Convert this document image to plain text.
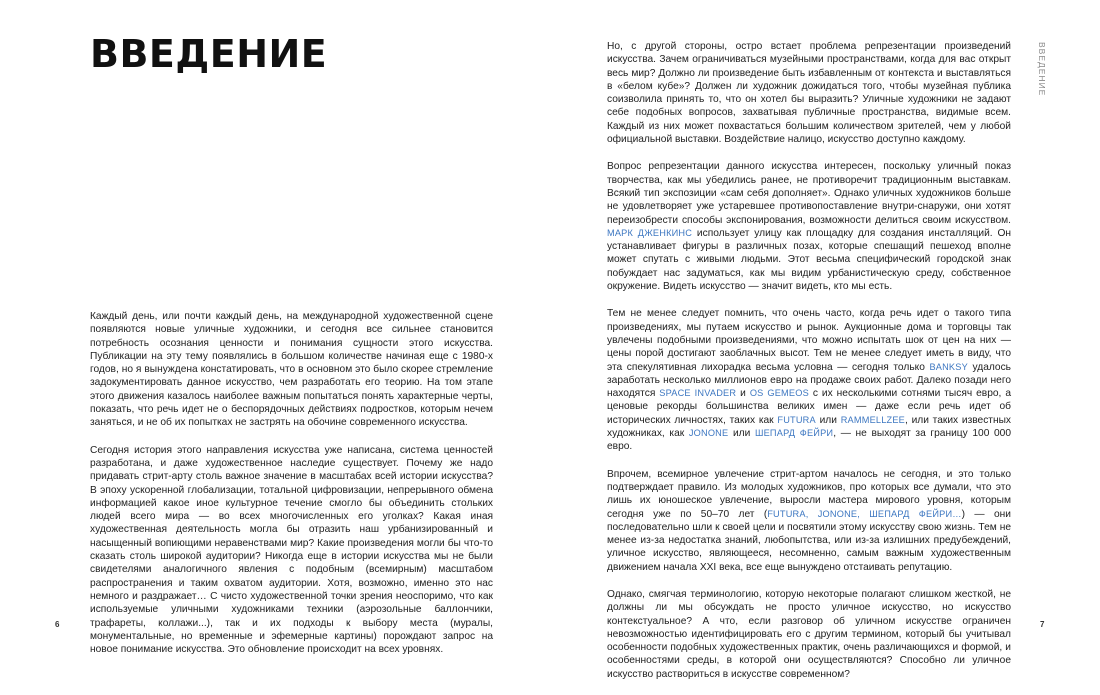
ВВЕДЕНИЕ

Каждый день, или почти каждый день, на международной художественной сцене появляются новые уличные художники, и сегодня все сильнее становится потребность осознания ценности и понимания сущности этого искусства. Публикации на эту тему появлялись в большом количестве начиная еще с 1980-х годов, но я вынуждена констатировать, что в основном это было скорее стремление задокументировать данное искусство, чем разработать его теорию. На том этапе этого движения казалось наиболее важным попытаться понять характерные черты, показать, что речь идет не о беспорядочных действиях подростков, которым нечем заняться, и не об их попытках не застрять на обочине современного искусства.

Сегодня история этого направления искусства уже написана, система ценностей разработана, и даже художественное наследие существует. Почему же надо придавать стрит-арту столь важное значение в масштабах всей истории искусства? В эпоху ускоренной глобализации, тотальной цифровизации, непрерывного обмена информацией какое иное культурное течение смогло бы объединить стольких людей всего мира — во всех многочисленных его уголках? Какая иная художественная деятельность могла бы отразить наш урбанизированный и насыщенный вопиющими неравенствами мир? Какие произведения могли бы что-то сказать столь широкой аудитории? Никогда еще в истории искусства мы не были свидетелями аналогичного явления с подобным (всемирным) масштабом распространения и таким охватом аудитории. Хотя, возможно, именно это нас немного и раздражает… С чисто художественной точки зрения неоспоримо, что как используемые уличными художниками техники (аэрозольные баллончики, трафареты, коллажи...), так и их подходы к выбору места (муралы, монументальные, но временные и эфемерные картины) порождают запрос на новое понимание искусства. Это обновление происходит на всех уровнях.

6

Но, с другой стороны, остро встает проблема репрезентации произведений искусства. Зачем ограничиваться музейными пространствами, когда для вас открыт весь мир? Должно ли произведение быть избавленным от контекста и выставляться в «белом кубе»? Должен ли художник дожидаться того, чтобы музейная публика соизволила принять то, что он хотел бы выразить? Уличные художники не задают себе подобных вопросов, захватывая публичные пространства, видимые всем. Каждый из них может похвастаться большим количеством зрителей, чем у любой официальной выставки. Воздействие налицо, искусство доступно каждому.

Вопрос репрезентации данного искусства интересен, поскольку уличный показ творчества, как мы убедились ранее, не противоречит традиционным выставкам. Всякий тип экспозиции «сам себя дополняет». Однако уличных художников больше не удовлетворяет уже устаревшее противопоставление внутри-снаружи, они хотят переизобрести способы экспонирования, возможности делиться своим искусством. МАРК ДЖЕНКИНС использует улицу как площадку для создания инсталляций. Он устанавливает фигуры в различных позах, которые спешащий пешеход вполне может спутать с живыми людьми. Этот весьма специфический городской знак побуждает нас задуматься, как мы видим урбанистическую среду, собственное окружение. Видеть искусство — значит видеть, кто мы есть.

Тем не менее следует помнить, что очень часто, когда речь идет о такого типа произведениях, мы путаем искусство и рынок. Аукционные дома и торговцы так увлечены подобными произведениями, что можно испытать шок от цен на них — цены порой достигают заоблачных высот. Тем не менее следует иметь в виду, что эта спекулятивная лихорадка весьма условна — сегодня только BANKSY удалось заработать несколько миллионов евро на продаже своих работ. Далеко позади него находятся SPACE INVADER и OS GEMEOS с их несколькими сотнями тысяч евро, а ценовые рекорды большинства великих имен — даже если речь идет об исторических личностях, таких как FUTURA или RAMMELLZEE, или таких известных художниках, как JONONE или ШЕПАРД ФЕЙРИ, — не выходят за границу 100 000 евро.

Впрочем, всемирное увлечение стрит-артом началось не сегодня, и это только подтверждает правило. Из молодых художников, про которых все думали, что это лишь их юношеское увлечение, выросли мастера мирового уровня, которым сегодня уже по 50–70 лет (FUTURA, JONONE, ШЕПАРД ФЕЙРИ…) — они последовательно шли к своей цели и посвятили этому искусству свою жизнь. Тем не менее из-за недостатка знаний, любопытства, или из-за излишних предубеждений, уличное искусство, являющееся, несомненно, самым важным художественным движением начала XXI века, все еще вынуждено отстаивать репутацию.

Однако, смягчая терминологию, которую некоторые полагают слишком жесткой, не должны ли мы обсуждать не просто уличное искусство, но искусство контекстуальное? А что, если разговор об уличном искусстве ограничен невозможностью идентифицировать его с другим термином, который бы учитывал особенности подобных художественных практик, очень различающихся и формой, и особенностями среды, в которой они осуществляются? Способно ли уличное искусство раствориться в искусстве современном?

ВВЕДЕНИЕ
7
